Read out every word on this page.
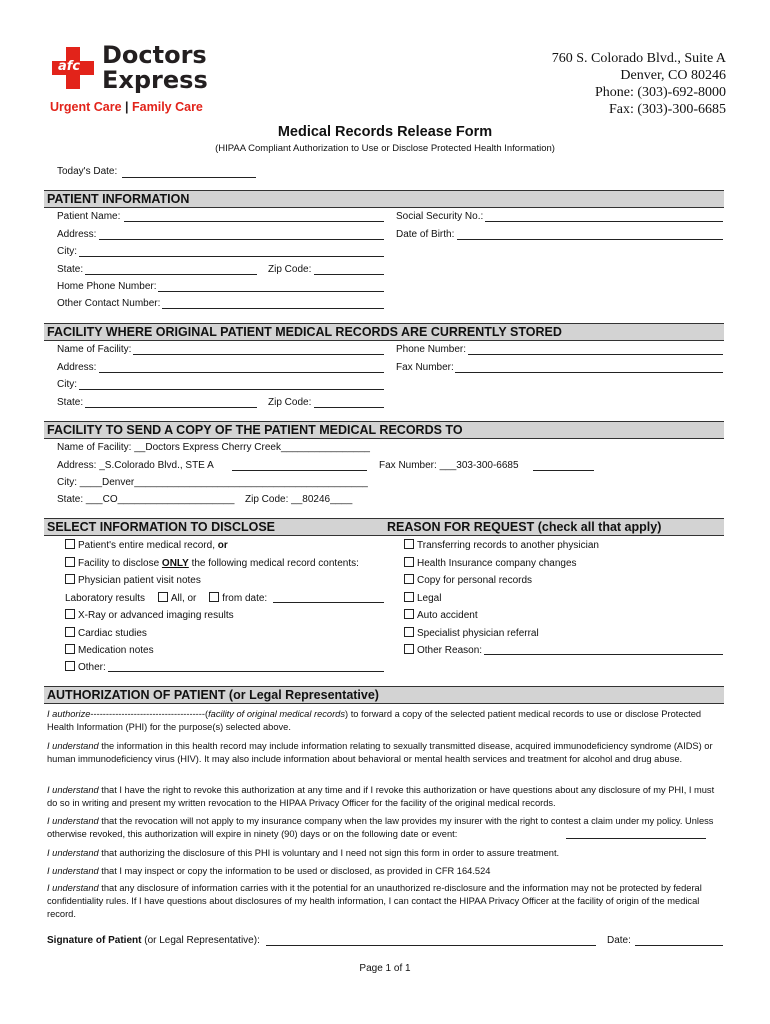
afc Doctors
Express
Urgent Care | Family Care
760 S. Colorado Blvd., Suite A
Denver, CO 80246
Phone: (303)-692-8000
Fax: (303)-300-6685
Medical Records Release Form
(HIPAA Compliant Authorization to Use or Disclose Protected Health Information)
Today's Date:
PATIENT INFORMATION
Patient Name:	Social Security No.:
Address:	Date of Birth:
City:
State:	Zip Code:
Home Phone Number:
Other Contact Number:
FACILITY WHERE ORIGINAL PATIENT MEDICAL RECORDS ARE CURRENTLY STORED
Name of Facility:	Phone Number:
Address:	Fax Number:
City:
State:	Zip Code:
FACILITY TO SEND A COPY OF THE PATIENT MEDICAL RECORDS TO
Name of Facility: __Doctors Express Cherry Creek________________
Address: _S.Colorado Blvd., STE A	Fax Number: ___303-300-6685
City: ____Denver__________________________________________
State: ___CO_____________________ Zip Code: __80246____
SELECT INFORMATION TO DISCLOSE	REASON FOR REQUEST (check all that apply)
Patient's entire medical record, or
Facility to disclose ONLY the following medical record contents:
Physician patient visit notes
Laboratory results	All, or	from date:
X-Ray or advanced imaging results
Cardiac studies
Medication notes
Other:
Transferring records to another physician
Health Insurance company changes
Copy for personal records
Legal
Auto accident
Specialist physician referral
Other Reason:
AUTHORIZATION OF PATIENT (or Legal Representative)
I authorize-------------------------------------(facility of original medical records) to forward a copy of the selected patient medical records to use or disclose Protected Health Information (PHI) for the purpose(s) selected above.
I understand the information in this health record may include information relating to sexually transmitted disease, acquired immunodeficiency syndrome (AIDS) or human immunodeficiency virus (HIV). It may also include information about behavioral or mental health services and treatment for alcohol and drug abuse.
I understand that I have the right to revoke this authorization at any time and if I revoke this authorization or have questions about any disclosure of my PHI, I must do so in writing and present my written revocation to the HIPAA Privacy Officer for the facility of the original medical records.
I understand that the revocation will not apply to my insurance company when the law provides my insurer with the right to contest a claim under my policy. Unless otherwise revoked, this authorization will expire in ninety (90) days or on the following date or event:
I understand that authorizing the disclosure of this PHI is voluntary and I need not sign this form in order to assure treatment.
I understand that I may inspect or copy the information to be used or disclosed, as provided in CFR 164.524
I understand that any disclosure of information carries with it the potential for an unauthorized re-disclosure and the information may not be protected by federal confidentiality rules. If I have questions about disclosures of my health information, I can contact the HIPAA Privacy Officer at the facility of origin of the medical record.
Signature of Patient (or Legal Representative):	Date:
Page 1 of 1
